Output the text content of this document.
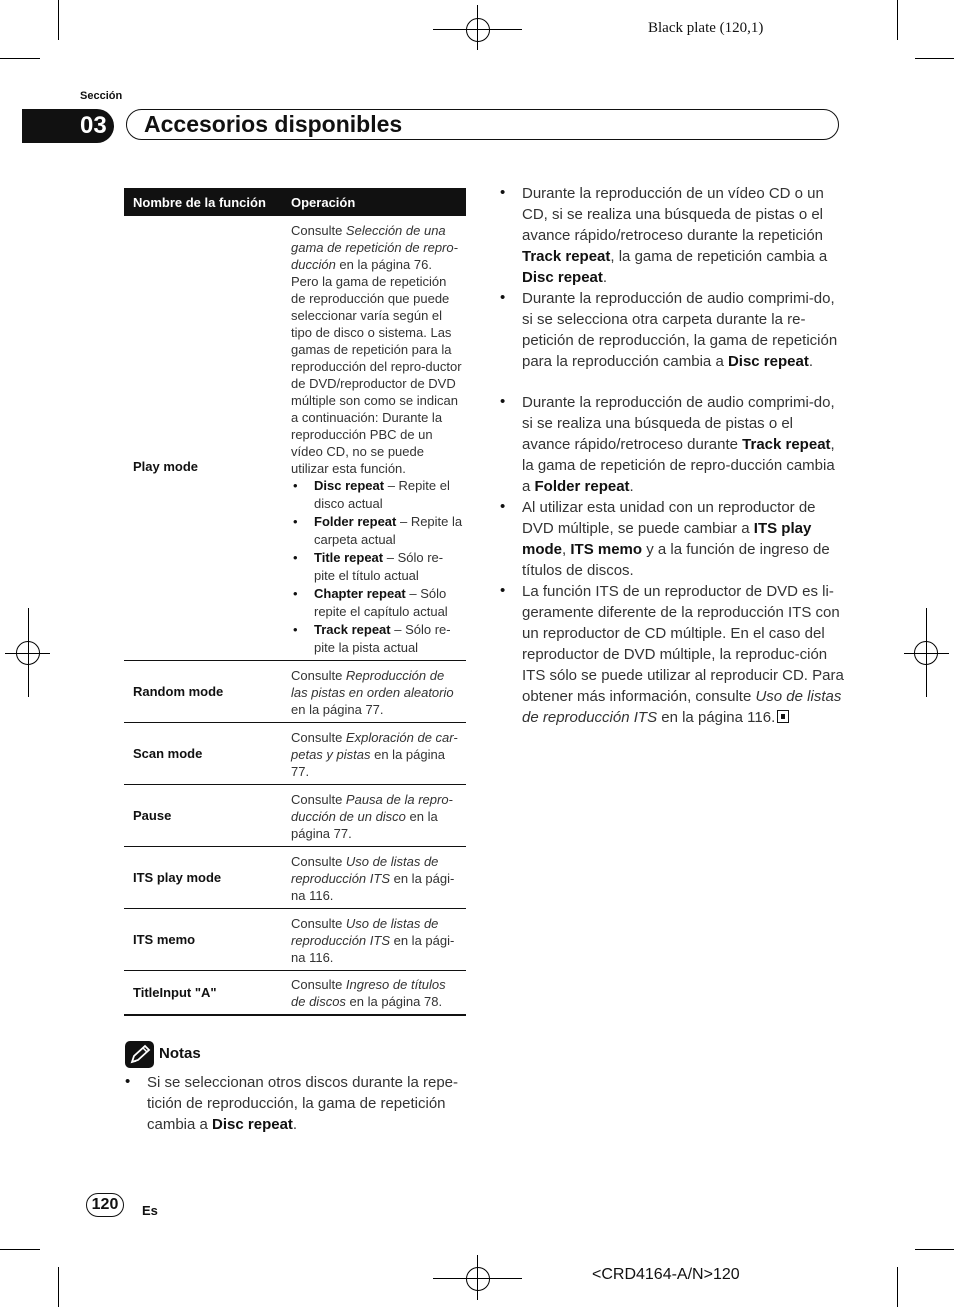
Black plate (120,1)
Sección
03	Accesorios disponibles
Nombre de la función Operación
Play mode
Consulte Selección de una gama de repetición de repro-ducción en la página 76. Pero la gama de repetición de reproducción que puede seleccionar varía según el tipo de disco o sistema. Las gamas de repetición para la reproducción del repro-ductor de DVD/reproductor de DVD múltiple son como se indican a continuación: Durante la reproducción PBC de un vídeo CD, no se puede utilizar esta función.
• Disc repeat – Repite el disco actual
• Folder repeat – Repite la carpeta actual
• Title repeat – Sólo re-pite el título actual
• Chapter repeat – Sólo repite el capítulo actual
• Track repeat – Sólo re-pite la pista actual
Random mode
Consulte Reproducción de las pistas en orden aleatorio en la página 77.
Scan mode
Consulte Exploración de car-petas y pistas en la página 77.
Pause
Consulte Pausa de la repro-ducción de un disco en la página 77.
ITS play mode
Consulte Uso de listas de reproducción ITS en la pági-na 116.
ITS memo
Consulte Uso de listas de reproducción ITS en la pági-na 116.
TitleInput "A"
Consulte Ingreso de títulos de discos en la página 78.
Notas
• Si se seleccionan otros discos durante la repe-tición de reproducción, la gama de repetición cambia a Disc repeat.
• Durante la reproducción de un vídeo CD o un CD, si se realiza una búsqueda de pistas o el avance rápido/retroceso durante la repetición Track repeat, la gama de repetición cambia a Disc repeat.
• Durante la reproducción de audio comprimi-do, si se selecciona otra carpeta durante la re-petición de reproducción, la gama de repetición para la reproducción cambia a Disc repeat.
• Durante la reproducción de audio comprimi-do, si se realiza una búsqueda de pistas o el avance rápido/retroceso durante Track repeat, la gama de repetición de repro-ducción cambia a Folder repeat.
• Al utilizar esta unidad con un reproductor de DVD múltiple, se puede cambiar a ITS play mode, ITS memo y a la función de ingreso de títulos de discos.
• La función ITS de un reproductor de DVD es li-geramente diferente de la reproducción ITS con un reproductor de CD múltiple. En el caso del reproductor de DVD múltiple, la reproduc-ción ITS sólo se puede utilizar al reproducir CD. Para obtener más información, consulte Uso de listas de reproducción ITS en la página 116.
120	Es
<CRD4164-A/N>120
